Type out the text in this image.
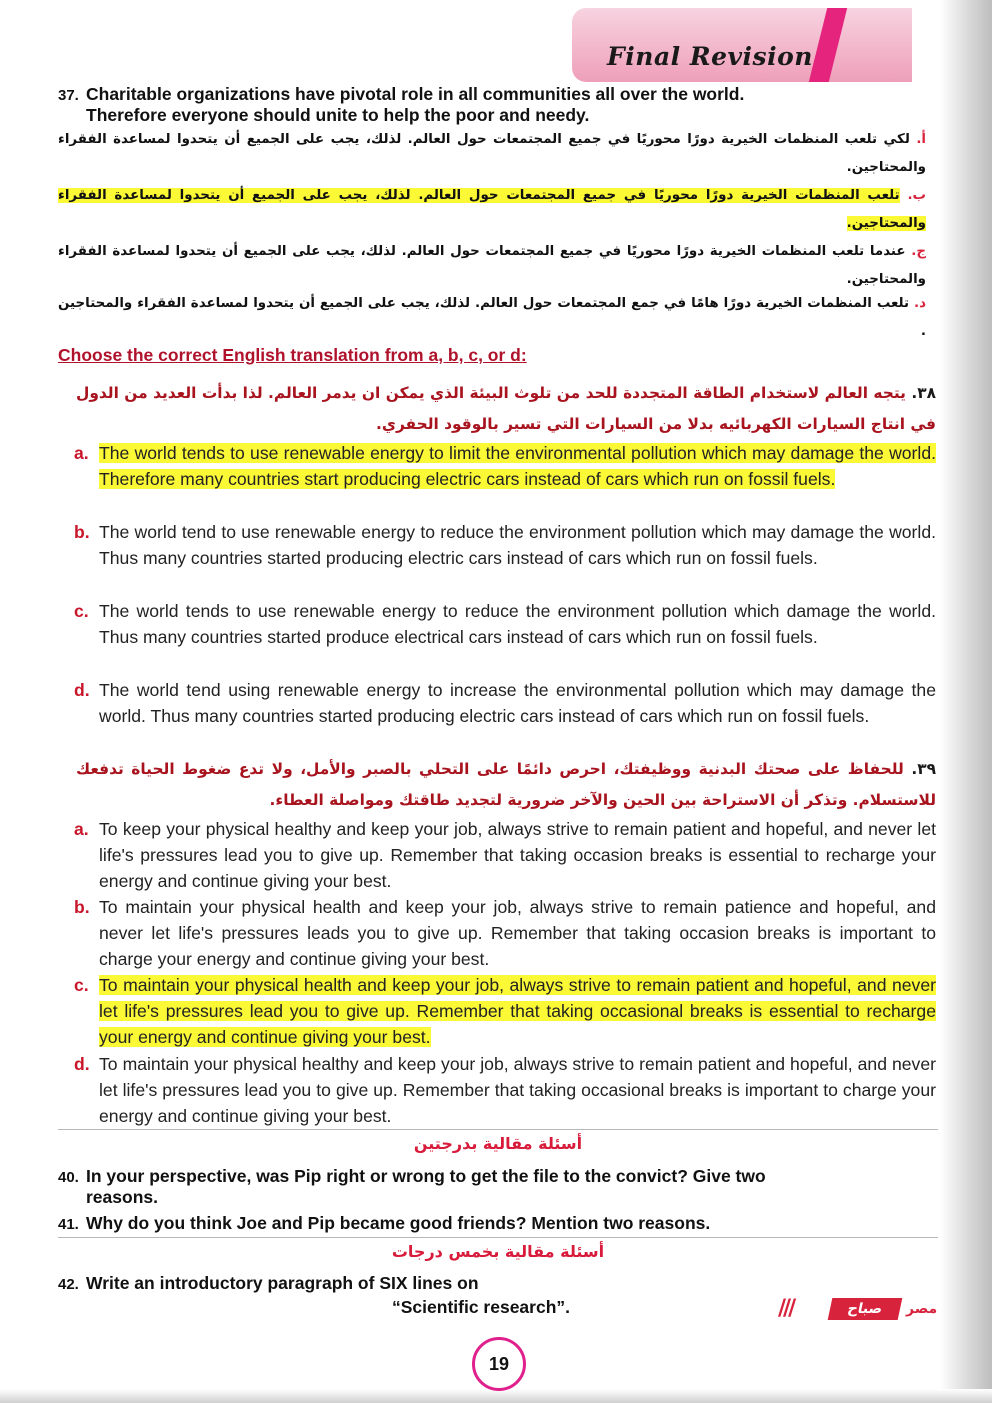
Final Revision
37. Charitable organizations have pivotal role in all communities all over the world.
Therefore everyone should unite to help the poor and needy.
أ. لكي تلعب المنظمات الخيرية دورًا محوريًا في جميع المجتمعات حول العالم. لذلك، يجب على الجميع أن يتحدوا لمساعدة الفقراء والمحتاجين.
ب. تلعب المنظمات الخيرية دورًا محوريًا في جميع المجتمعات حول العالم. لذلك، يجب على الجميع أن يتحدوا لمساعدة الفقراء والمحتاجين.
ج. عندما تلعب المنظمات الخيرية دورًا محوريًا في جميع المجتمعات حول العالم. لذلك، يجب على الجميع أن يتحدوا لمساعدة الفقراء والمحتاجين.
د. تلعب المنظمات الخيرية دورًا هامًا في جمع المجتمعات حول العالم. لذلك، يجب على الجميع أن يتحدوا لمساعدة الفقراء والمحتاجين .
Choose the correct English translation from a, b, c, or d:
٣٨. يتجه العالم لاستخدام الطاقة المتجددة للحد من تلوث البيئة الذي يمكن ان يدمر العالم. لذا بدأت العديد من الدول في انتاج السيارات الكهربائيه بدلا من السيارات التي تسير بالوقود الحفري.
a. The world tends to use renewable energy to limit the environmental pollution which may damage the world. Therefore many countries start producing electric cars instead of cars which run on fossil fuels.
b. The world tend to use renewable energy to reduce the environment pollution which may damage the world. Thus many countries started producing electric cars instead of cars which run on fossil fuels.
c. The world tends to use renewable energy to reduce the environment pollution which damage the world. Thus many countries started produce electrical cars instead of cars which run on fossil fuels.
d. The world tend using renewable energy to increase the environmental pollution which may damage the world. Thus many countries started producing electric cars instead of cars which run on fossil fuels.
٣٩. للحفاظ على صحتك البدنية ووظيفتك، احرص دائمًا على التحلي بالصبر والأمل، ولا تدع ضغوط الحياة تدفعك للاستسلام. وتذكر أن الاستراحة بين الحين والآخر ضرورية لتجديد طاقتك ومواصلة العطاء.
a. To keep your physical healthy and keep your job, always strive to remain patient and hopeful, and never let life's pressures lead you to give up. Remember that taking occasion breaks is essential to recharge your energy and continue giving your best.
b. To maintain your physical health and keep your job, always strive to remain patience and hopeful, and never let life's pressures leads you to give up. Remember that taking occasion breaks is important to charge your energy and continue giving your best.
c. To maintain your physical health and keep your job, always strive to remain patient and hopeful, and never let life's pressures lead you to give up. Remember that taking occasional breaks is essential to recharge your energy and continue giving your best.
d. To maintain your physical healthy and keep your job, always strive to remain patient and hopeful, and never let life's pressures lead you to give up. Remember that taking occasional breaks is important to charge your energy and continue giving your best.
أسئلة مقالية بدرجتين
40. In your perspective, was Pip right or wrong to get the file to the convict? Give two
reasons.
41. Why do you think Joe and Pip became good friends? Mention two reasons.
أسئلة مقالية بخمس درجات
42. Write an introductory paragraph of SIX lines on
“Scientific research”.	///	صباح	مصر
19
